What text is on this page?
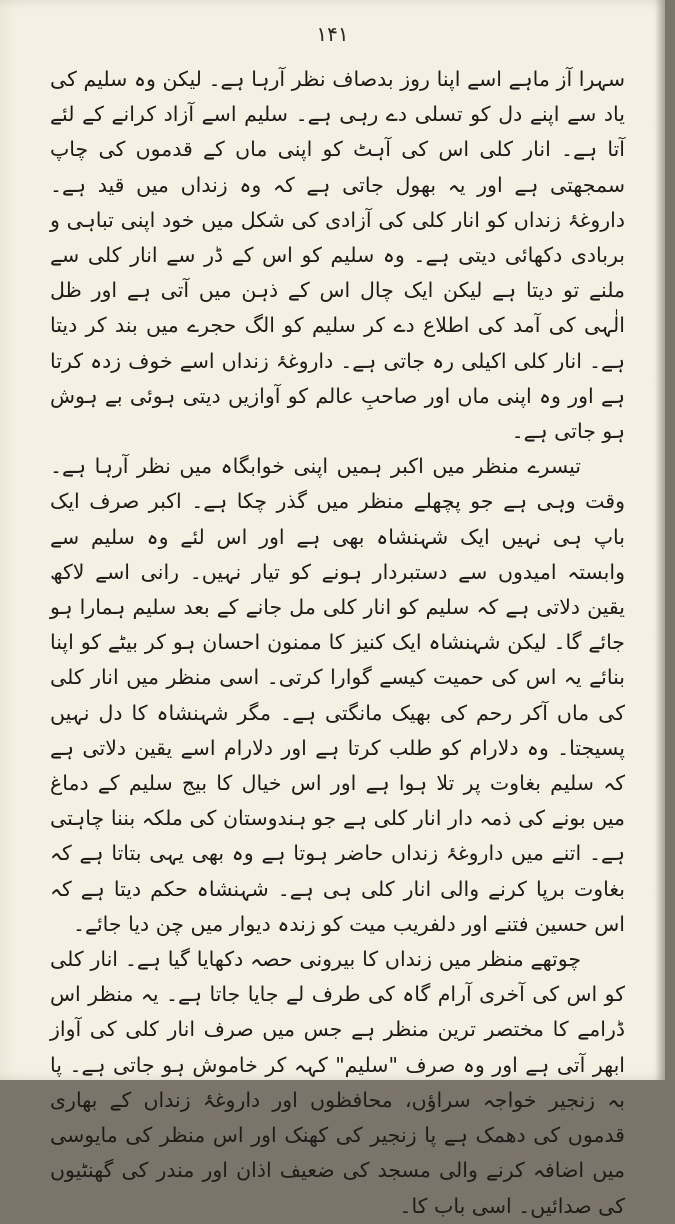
۱۴۱

سہرا آز ماہے اسے اپنا روز بدصاف نظر آرہا ہے۔ لیکن وہ سلیم کی یاد سے اپنے دل کو تسلی دے رہی ہے۔ سلیم اسے آزاد کرانے کے لئے آتا ہے۔ انار کلی اس کی آہٹ کو اپنی ماں کے قدموں کی چاپ سمجھتی ہے اور یہ بھول جاتی ہے کہ وہ زنداں میں قید ہے۔ داروغۂ زنداں کو انار کلی کی آزادی کی شکل میں خود اپنی تباہی و بربادی دکھائی دیتی ہے۔ وہ سلیم کو اس کے ڈر سے انار کلی سے ملنے تو دیتا ہے لیکن ایک چال اس کے ذہن میں آتی ہے اور ظل الٰہی کی آمد کی اطلاع دے کر سلیم کو الگ حجرے میں بند کر دیتا ہے۔ انار کلی اکیلی رہ جاتی ہے۔ داروغۂ زنداں اسے خوف زدہ کرتا ہے اور وہ اپنی ماں اور صاحبِ عالم کو آوازیں دیتی ہوئی بے ہوش ہو جاتی ہے۔

تیسرے منظر میں اکبر ہمیں اپنی خوابگاہ میں نظر آرہا ہے۔ وقت وہی ہے جو پچھلے منظر میں گذر چکا ہے۔ اکبر صرف ایک باپ ہی نہیں ایک شہنشاہ بھی ہے اور اس لئے وہ سلیم سے وابستہ امیدوں سے دستبردار ہونے کو تیار نہیں۔ رانی اسے لاکھ یقین دلاتی ہے کہ سلیم کو انار کلی مل جانے کے بعد سلیم ہمارا ہو جائے گا۔ لیکن شہنشاہ ایک کنیز کا ممنون احسان ہو کر بیٹے کو اپنا بنائے یہ اس کی حمیت کیسے گوارا کرتی۔ اسی منظر میں انار کلی کی ماں آکر رحم کی بھیک مانگتی ہے۔ مگر شہنشاہ کا دل نہیں پسیجتا۔ وہ دلارام کو طلب کرتا ہے اور دلارام اسے یقین دلاتی ہے کہ سلیم بغاوت پر تلا ہوا ہے اور اس خیال کا بیج سلیم کے دماغ میں بونے کی ذمہ دار انار کلی ہے جو ہندوستان کی ملکہ بننا چاہتی ہے۔ اتنے میں داروغۂ زنداں حاضر ہوتا ہے وہ بھی یہی بتاتا ہے کہ بغاوت برپا کرنے والی انار کلی ہی ہے۔ شہنشاہ حکم دیتا ہے کہ اس حسین فتنے اور دلفریب میت کو زندہ دیوار میں چن دیا جائے۔

چوتھے منظر میں زنداں کا بیرونی حصہ دکھایا گیا ہے۔ انار کلی کو اس کی آخری آرام گاہ کی طرف لے جایا جاتا ہے۔ یہ منظر اس ڈرامے کا مختصر ترین منظر ہے جس میں صرف انار کلی کی آواز ابھر آتی ہے اور وہ صرف "سلیم" کہہ کر خاموش ہو جاتی ہے۔ پا بہ زنجیر خواجہ سراؤں، محافظوں اور داروغۂ زنداں کے بھاری قدموں کی دھمک ہے پا زنجیر کی کھنک اور اس منظر کی مایوسی میں اضافہ کرنے والی مسجد کی ضعیف اذان اور مندر کی گھنٹیوں کی صدائیں۔ اسی باب کا۔
